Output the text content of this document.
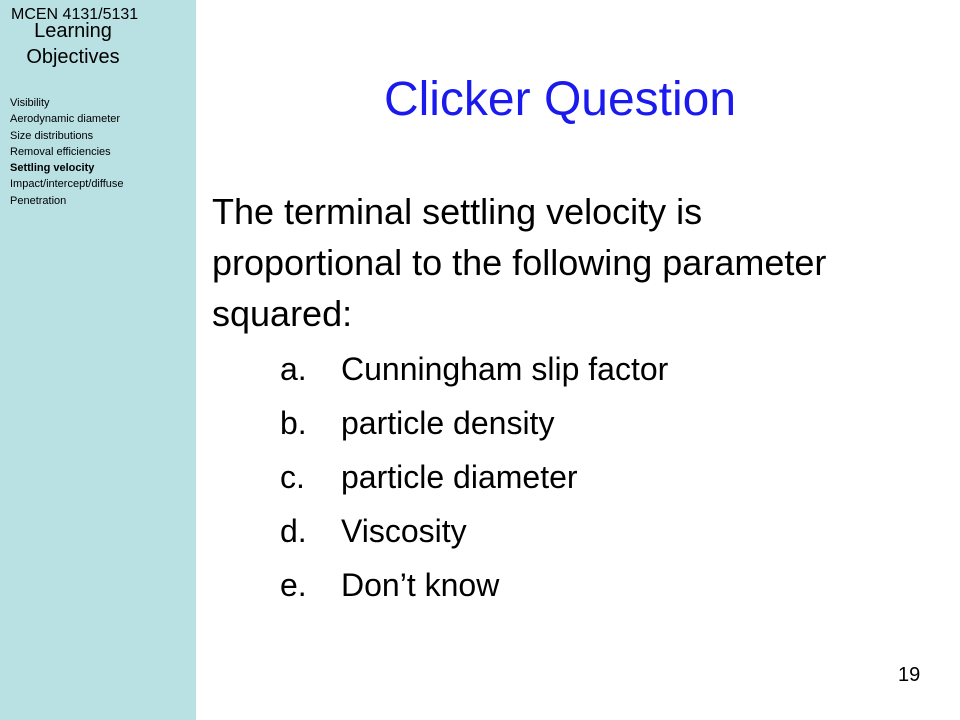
MCEN 4131/5131
Learning Objectives
Visibility
Aerodynamic diameter
Size distributions
Removal efficiencies
Settling velocity
Impact/intercept/diffuse
Penetration
Clicker Question
The terminal settling velocity is proportional to the following parameter squared:
a.	Cunningham slip factor
b.	particle density
c.	particle diameter
d.	Viscosity
e.	Don’t know
19
